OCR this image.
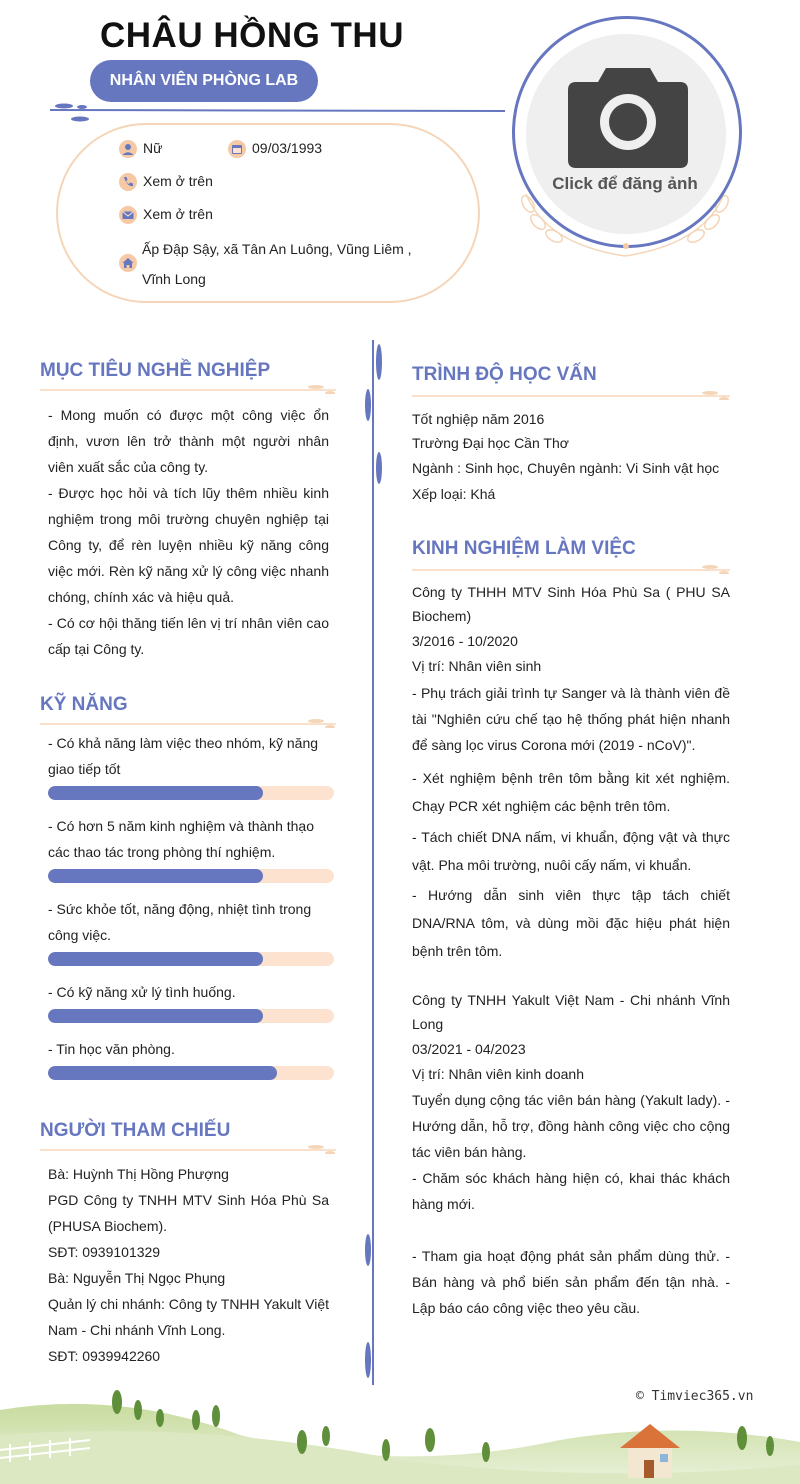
CHÂU HỒNG THU
NHÂN VIÊN PHÒNG LAB
Nữ	09/03/1993
Xem ở trên
Xem ở trên
Ấp Đập Sậy, xã Tân An Luông, Vũng Liêm , Vĩnh Long
Click để đăng ảnh
MỤC TIÊU NGHỀ NGHIỆP
- Mong muốn có được một công việc ổn định, vươn lên trở thành một người nhân viên xuất sắc của công ty.
- Được học hỏi và tích lũy thêm nhiều kinh nghiệm trong môi trường chuyên nghiệp tại Công ty, để rèn luyện nhiều kỹ năng công việc mới. Rèn kỹ năng xử lý công việc nhanh chóng, chính xác và hiệu quả.
- Có cơ hội thăng tiến lên vị trí nhân viên cao cấp tại Công ty.
KỸ NĂNG
- Có khả năng làm việc theo nhóm, kỹ năng giao tiếp tốt
- Có hơn 5 năm kinh nghiệm và thành thạo các thao tác trong phòng thí nghiệm.
- Sức khỏe tốt, năng động, nhiệt tình trong công việc.
- Có kỹ năng xử lý tình huống.
- Tin học văn phòng.
NGƯỜI THAM CHIẾU
Bà: Huỳnh Thị Hồng Phượng
PGD Công ty TNHH MTV Sinh Hóa Phù Sa (PHUSA Biochem).
SĐT: 0939101329
Bà: Nguyễn Thị Ngọc Phụng
Quản lý chi nhánh: Công ty TNHH Yakult Việt Nam - Chi nhánh Vĩnh Long.
SĐT: 0939942260
TRÌNH ĐỘ HỌC VẤN
Tốt nghiệp năm 2016
Trường Đại học Cần Thơ
Ngành : Sinh học, Chuyên ngành: Vi Sinh vật học
Xếp loại: Khá
KINH NGHIỆM LÀM VIỆC
Công ty THHH MTV Sinh Hóa Phù Sa ( PHU SA Biochem)
3/2016 - 10/2020
Vị trí: Nhân viên sinh
- Phụ trách giải trình tự Sanger và là thành viên đề tài "Nghiên cứu chế tạo hệ thống phát hiện nhanh để sàng lọc virus Corona mới (2019 - nCoV)".
- Xét nghiệm bệnh trên tôm bằng kit xét nghiệm. Chạy PCR xét nghiệm các bệnh trên tôm.
- Tách chiết DNA nấm, vi khuẩn, động vật và thực vật. Pha môi trường, nuôi cấy nấm, vi khuẩn.
- Hướng dẫn sinh viên thực tập tách chiết DNA/RNA tôm, và dùng mồi đặc hiệu phát hiện bệnh trên tôm.
Công ty TNHH Yakult Việt Nam - Chi nhánh Vĩnh Long
03/2021 - 04/2023
Vị trí: Nhân viên kinh doanh
Tuyển dụng cộng tác viên bán hàng (Yakult lady). - Hướng dẫn, hỗ trợ, đồng hành công việc cho cộng tác viên bán hàng.
- Chăm sóc khách hàng hiện có, khai thác khách hàng mới.
- Tham gia hoạt động phát sản phẩm dùng thử. - Bán hàng và phổ biến sản phẩm đến tận nhà. - Lập báo cáo công việc theo yêu cầu.
© Timviec365.vn
